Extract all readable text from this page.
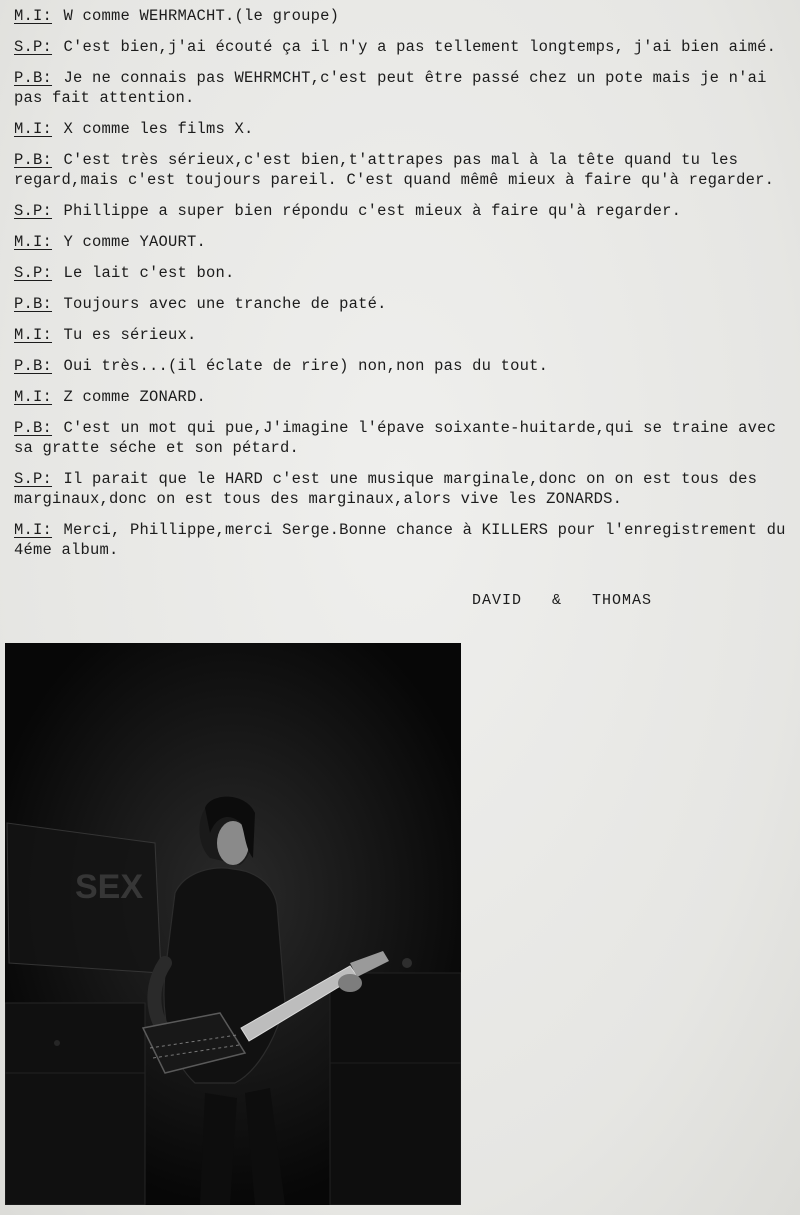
M.I: W comme WEHRMACHT.(le groupe)
S.P: C'est bien,j'ai écouté ça il n'y a pas tellement longtemps, j'ai bien aimé.
P.B: Je ne connais pas WEHRMCHT,c'est peut être passé chez un pote mais je n'ai pas fait attention.
M.I: X comme les films X.
P.B: C'est très sérieux,c'est bien,t'attrapes pas mal à la tête quand tu les regard,mais c'est toujours pareil. C'est quand mêmê mieux à faire qu'à regarder.
S.P: Phillippe a super bien répondu c'est mieux à faire qu'à regarder.
M.I: Y comme YAOURT.
S.P: Le lait c'est bon.
P.B: Toujours avec une tranche de paté.
M.I: Tu es sérieux.
P.B: Oui très...(il éclate de rire) non,non pas du tout.
M.I: Z comme ZONARD.
P.B: C'est un mot qui pue,J'imagine l'épave soixante-huitarde,qui se traine avec sa gratte séche et son pétard.
S.P: Il parait que le HARD c'est une musique marginale,donc on on est tous des marginaux,donc on est tous des marginaux,alors vive les ZONARDS.
M.I: Merci, Phillippe,merci Serge.Bonne chance à KILLERS pour l'enregistrement du 4éme album.
DAVID   &   THOMAS
SEX
